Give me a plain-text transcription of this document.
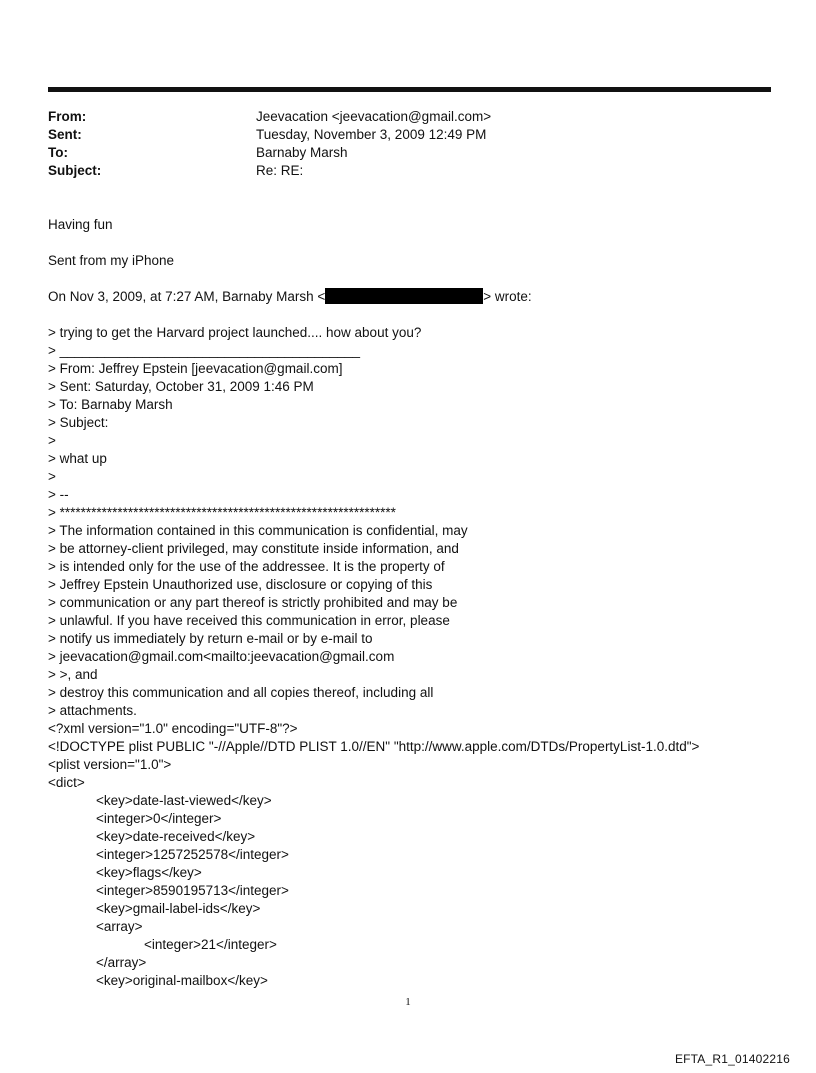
From:	Jeevacation <jeevacation@gmail.com>
Sent:	Tuesday, November 3, 2009 12:49 PM
To:	Barnaby Marsh
Subject:	Re: RE:
Having fun
Sent from my iPhone
On Nov 3, 2009, at 7:27 AM, Barnaby Marsh <	> wrote:
> trying to get the Harvard project launched.... how about you?
> ________________________________________
> From: Jeffrey Epstein [jeevacation@gmail.com]
> Sent: Saturday, October 31, 2009 1:46 PM
> To: Barnaby Marsh
> Subject:
>
> what up
>
> --
> ****************************************************************
> The information contained in this communication is confidential, may
> be attorney-client privileged, may constitute inside information, and
> is intended only for the use of the addressee. It is the property of
> Jeffrey Epstein Unauthorized use, disclosure or copying of this
> communication or any part thereof is strictly prohibited and may be
> unlawful. If you have received this communication in error, please
> notify us immediately by return e-mail or by e-mail to
> jeevacation@gmail.com<mailto:jeevacation@gmail.com
> >, and
> destroy this communication and all copies thereof, including all
> attachments.
<?xml version="1.0" encoding="UTF-8"?>
<!DOCTYPE plist PUBLIC "-//Apple//DTD PLIST 1.0//EN" "http://www.apple.com/DTDs/PropertyList-1.0.dtd">
<plist version="1.0">
<dict>
<key>date-last-viewed</key>
<integer>0</integer>
<key>date-received</key>
<integer>1257252578</integer>
<key>flags</key>
<integer>8590195713</integer>
<key>gmail-label-ids</key>
<array>
<integer>21</integer>
</array>
<key>original-mailbox</key>
1
EFTA_R1_01402216
